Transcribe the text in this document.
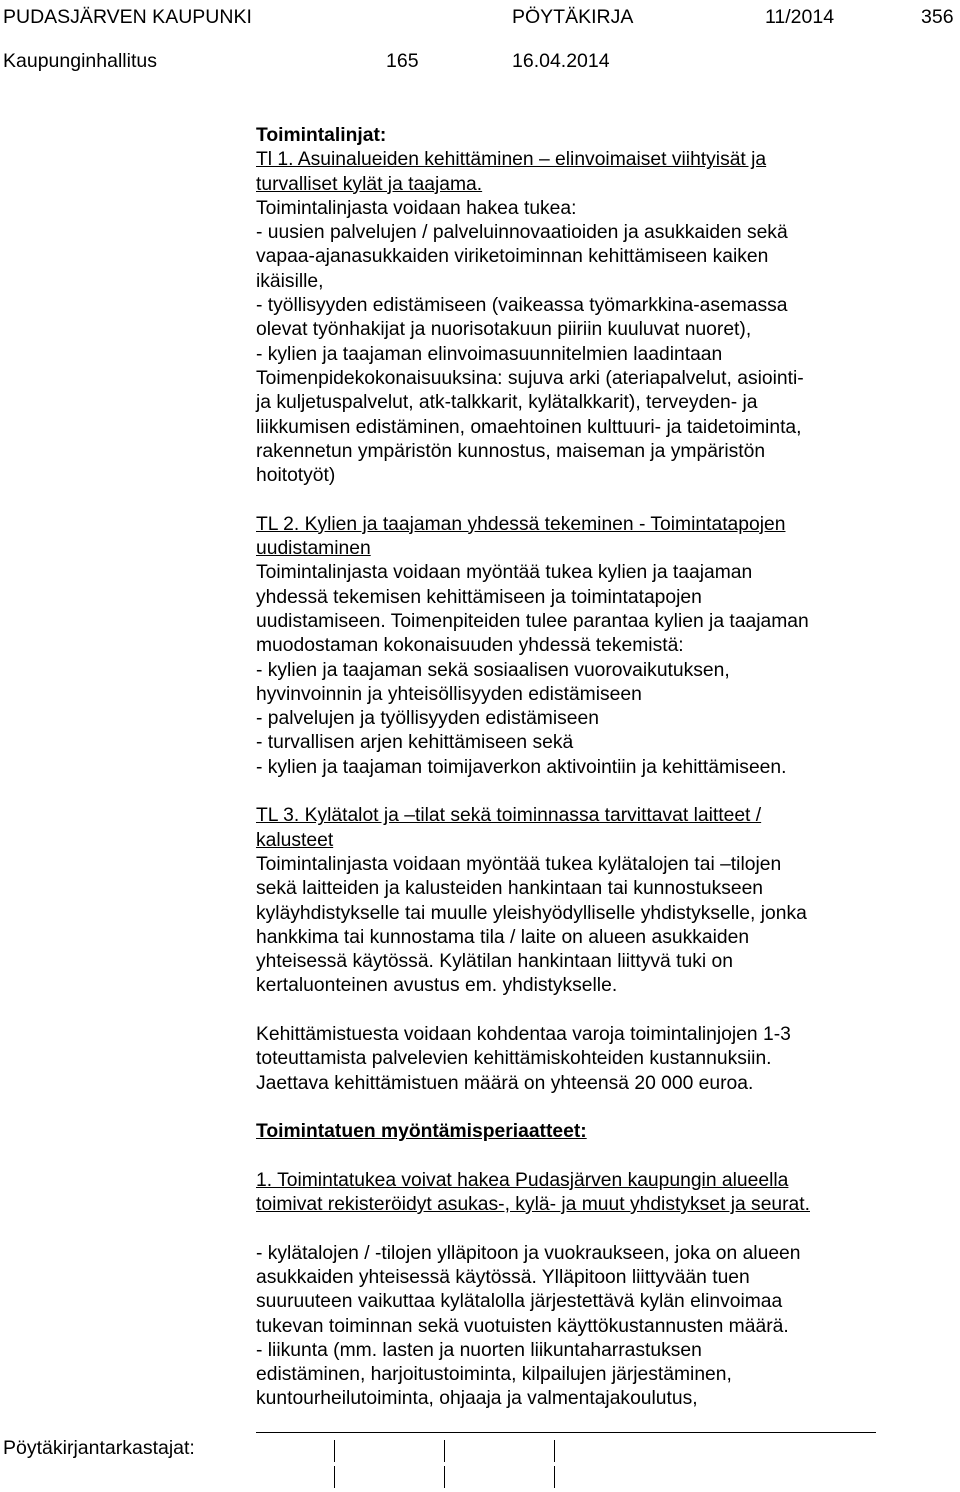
PUDASJÄRVEN KAUPUNKI	PÖYTÄKIRJA	11/2014	356
Kaupunginhallitus	165	16.04.2014
Toimintalinjat:
Tl 1. Asuinalueiden kehittäminen – elinvoimaiset viihtyisät ja
turvalliset kylät ja taajama.
Toimintalinjasta voidaan hakea tukea:
- uusien palvelujen / palveluinnovaatioiden ja asukkaiden sekä
vapaa-ajanasukkaiden viriketoiminnan kehittämiseen kaiken
ikäisille,
- työllisyyden edistämiseen (vaikeassa työmarkkina-asemassa
olevat työnhakijat ja nuorisotakuun piiriin kuuluvat nuoret),
- kylien ja taajaman elinvoimasuunnitelmien laadintaan
Toimenpidekokonaisuuksina: sujuva arki (ateriapalvelut, asiointi-
ja kuljetuspalvelut, atk-talkkarit, kylätalkkarit), terveyden- ja
liikkumisen edistäminen, omaehtoinen kulttuuri- ja taidetoiminta,
rakennetun ympäristön kunnostus, maiseman ja ympäristön
hoitotyöt)
TL 2. Kylien ja taajaman yhdessä tekeminen - Toimintatapojen
uudistaminen
Toimintalinjasta voidaan myöntää tukea kylien ja taajaman
yhdessä tekemisen kehittämiseen ja toimintatapojen
uudistamiseen. Toimenpiteiden tulee parantaa kylien ja taajaman
muodostaman kokonaisuuden yhdessä tekemistä:
- kylien ja taajaman sekä sosiaalisen vuorovaikutuksen,
hyvinvoinnin ja yhteisöllisyyden edistämiseen
- palvelujen ja työllisyyden edistämiseen
- turvallisen arjen kehittämiseen sekä
- kylien ja taajaman toimijaverkon aktivointiin ja kehittämiseen.
TL 3. Kylätalot ja –tilat sekä toiminnassa tarvittavat laitteet /
kalusteet
Toimintalinjasta voidaan myöntää tukea kylätalojen tai –tilojen
sekä laitteiden ja kalusteiden hankintaan tai kunnostukseen
kyläyhdistykselle tai muulle yleishyödylliselle yhdistykselle, jonka
hankkima tai kunnostama tila / laite on alueen asukkaiden
yhteisessä käytössä. Kylätilan hankintaan liittyvä tuki on
kertaluonteinen avustus em. yhdistykselle.
Kehittämistuesta voidaan kohdentaa varoja toimintalinjojen 1-3
toteuttamista palvelevien kehittämiskohteiden kustannuksiin.
Jaettava kehittämistuen määrä on yhteensä 20 000 euroa.
Toimintatuen myöntämisperiaatteet:
1. Toimintatukea voivat hakea Pudasjärven kaupungin alueella
toimivat rekisteröidyt asukas-, kylä- ja muut yhdistykset ja seurat.
- kylätalojen / -tilojen ylläpitoon ja vuokraukseen, joka on alueen
asukkaiden yhteisessä käytössä. Ylläpitoon liittyvään tuen
suuruuteen vaikuttaa kylätalolla järjestettävä kylän elinvoimaa
tukevan toiminnan sekä vuotuisten käyttökustannusten määrä.
- liikunta (mm. lasten ja nuorten liikuntaharrastuksen
edistäminen, harjoitustoiminta, kilpailujen järjestäminen,
kuntourheilutoiminta, ohjaaja ja valmentajakoulutus,
Pöytäkirjantarkastajat:
